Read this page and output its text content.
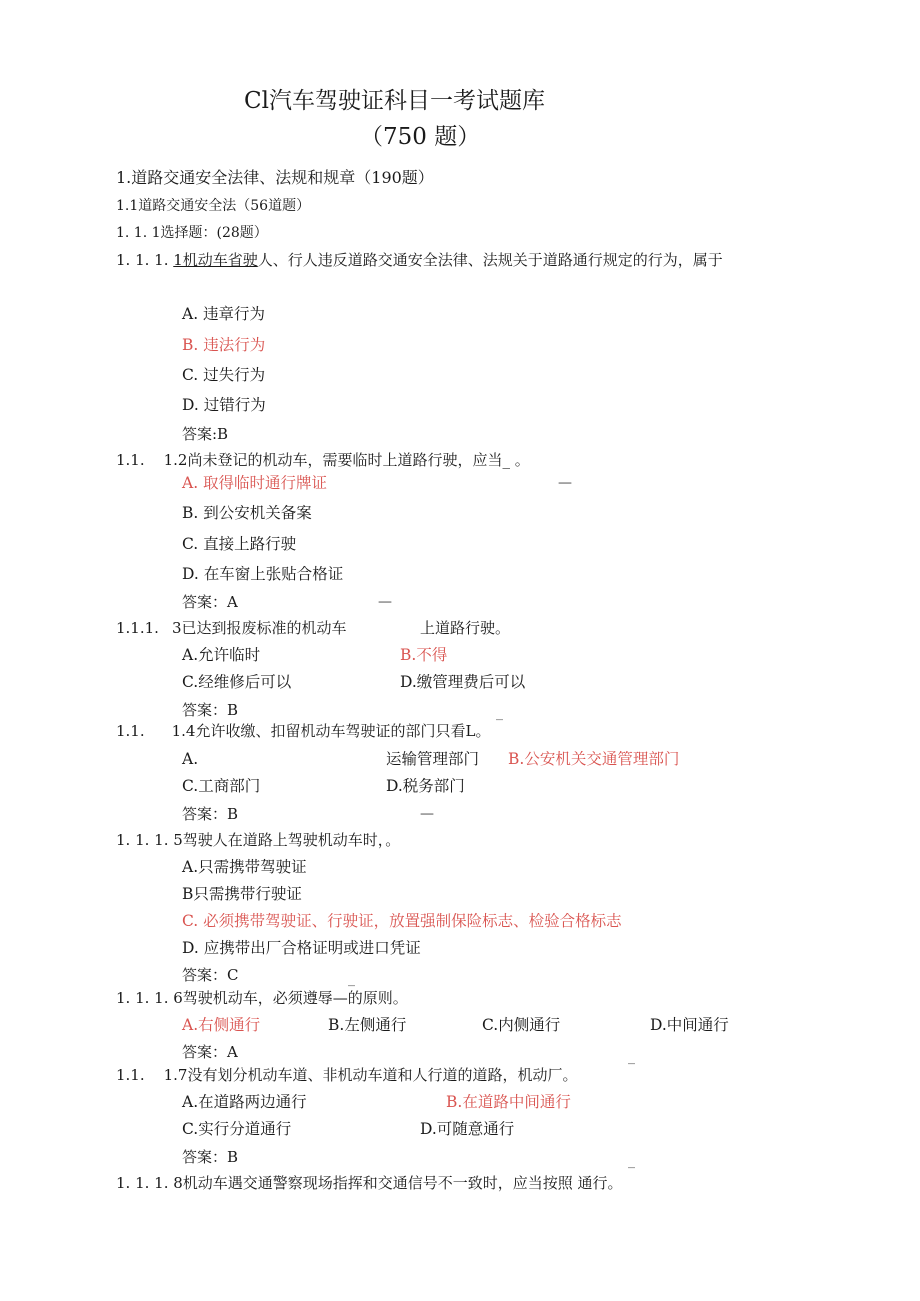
Cl汽车驾驶证科目一考试题库
（750 题）
1.道路交通安全法律、法规和规章（190题）
1.1道路交通安全法（56道题）
1. 1. 1选择题：(28题）
1. 1. 1. 1机动车省驶人、行人违反道路交通安全法律、法规关于道路通行规定的行为，属于
A. 违章行为
B. 违法行为
C. 过失行为
D. 过错行为
答案:B
1.1. 1.2尚未登记的机动车，需要临时上道路行驶，应当_ 。
A. 取得临时通行牌证	—
B. 到公安机关备案
C. 直接上路行驶
D. 在车窗上张贴合格证
答案：A	—
1.1.1. 3已达到报废标准的机动车	上道路行驶。
A.允许临时	B.不得
C.经维修后可以	D.缴管理费后可以
答案：B	_
1.1. 1.4允许收缴、扣留机动车驾驶证的部门只看L。
A.	运输管理部门 B.公安机关交通管理部门
C.工商部门	D.税务部门
答案：B	—
1. 1. 1. 5驾驶人在道路上驾驶机动车时，。
A.只需携带驾驶证
B只需携带行驶证
C. 必须携带驾驶证、行驶证，放置强制保险标志、检验合格标志
D. 应携带出厂合格证明或进口凭证
答案：C	_
1. 1. 1. 6驾驶机动车，必须遵辱—的原则。
A.右侧通行	B.左侧通行	C.内侧通行	D.中间通行
答案：A	_
1.1. 1.7没有划分机动车道、非机动车道和人行道的道路，机动厂。
A.在道路两边通行	B.在道路中间通行
C.实行分道通行	D.可随意通行
答案：B	_
1. 1. 1. 8机动车遇交通警察现场指挥和交通信号不一致时，应当按照 通行。
